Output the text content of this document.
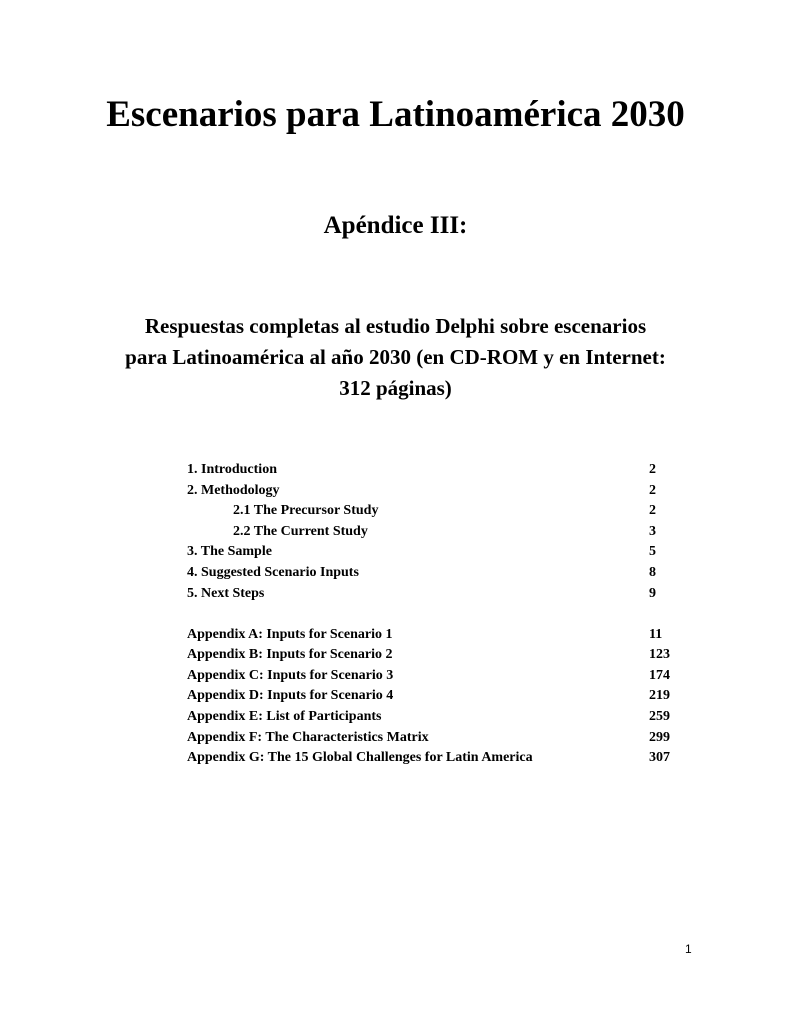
Escenarios para Latinoamérica 2030
Apéndice III:
Respuestas completas al estudio Delphi sobre escenarios
para Latinoamérica al año 2030 (en CD-ROM y en Internet:
312 páginas)
1. Introduction	2
2. Methodology	2
2.1 The Precursor Study	2
2.2 The Current Study	3
3. The Sample	5
4. Suggested Scenario Inputs	8
5. Next Steps	9
Appendix A: Inputs for Scenario 1	11
Appendix B: Inputs for Scenario 2	123
Appendix C: Inputs for Scenario 3	174
Appendix D: Inputs for Scenario 4	219
Appendix E: List of Participants	259
Appendix F: The Characteristics Matrix	299
Appendix G: The 15 Global Challenges for Latin America	307
1
